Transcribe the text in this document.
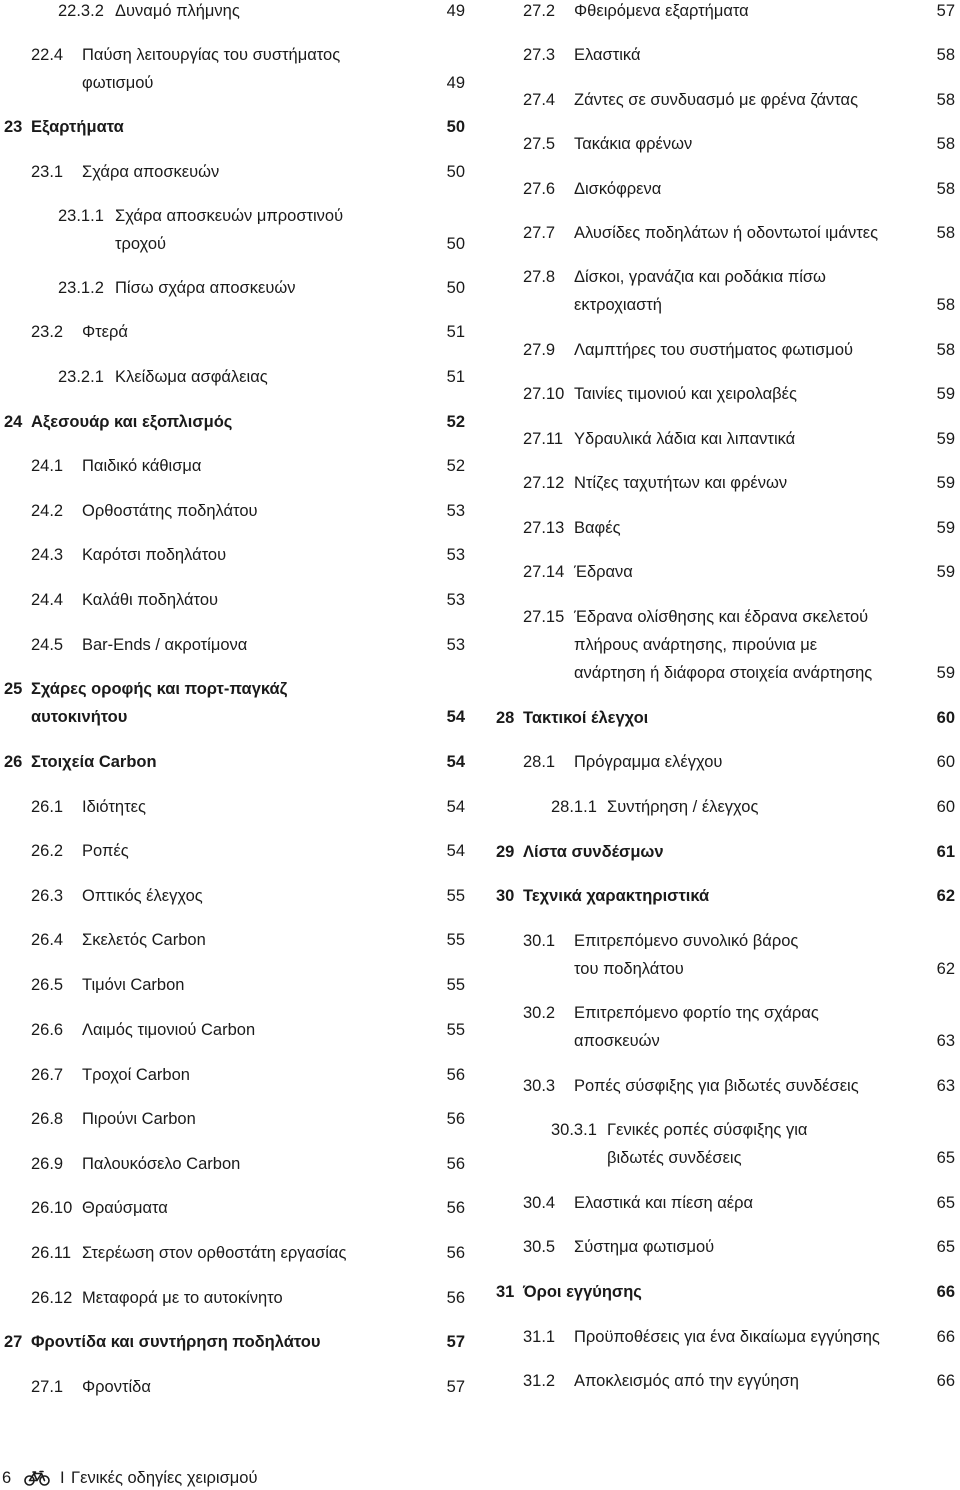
22.3.2 Δυναμό πλήμνης	49
22.4 Παύση λειτουργίας του συστήματος
φωτισμού	49
23 Εξαρτήματα	50
23.1 Σχάρα αποσκευών	50
23.1.1 Σχάρα αποσκευών μπροστινού
τροχού	50
23.1.2 Πίσω σχάρα αποσκευών	50
23.2 Φτερά	51
23.2.1 Κλείδωμα ασφάλειας	51
24 Αξεσουάρ και εξοπλισμός	52
24.1 Παιδικό κάθισμα	52
24.2 Ορθοστάτης ποδηλάτου	53
24.3 Καρότσι ποδηλάτου	53
24.4 Καλάθι ποδηλάτου	53
24.5 Bar-Ends / ακροτίμονα	53
25 Σχάρες οροφής και πορτ-παγκάζ
αυτοκινήτου	54
26 Στοιχεία Carbon	54
26.1 Ιδιότητες	54
26.2 Ροπές	54
26.3 Οπτικός έλεγχος	55
26.4 Σκελετός Carbon	55
26.5 Τιμόνι Carbon	55
26.6 Λαιμός τιμονιού Carbon	55
26.7 Τροχοί Carbon	56
26.8 Πιρούνι Carbon	56
26.9 Παλουκόσελο Carbon	56
26.10 Θραύσματα	56
26.11 Στερέωση στον ορθοστάτη εργασίας	56
26.12 Μεταφορά με το αυτοκίνητο	56
27 Φροντίδα και συντήρηση ποδηλάτου	57
27.1 Φροντίδα	57
27.2 Φθειρόμενα εξαρτήματα	57
27.3 Ελαστικά	58
27.4 Ζάντες σε συνδυασμό με φρένα ζάντας	58
27.5 Τακάκια φρένων	58
27.6 Δισκόφρενα	58
27.7 Αλυσίδες ποδηλάτων ή οδοντωτοί ιμάντες	58
27.8 Δίσκοι, γρανάζια και ροδάκια πίσω
εκτροχιαστή	58
27.9 Λαμπτήρες του συστήματος φωτισμού	58
27.10 Ταινίες τιμονιού και χειρολαβές	59
27.11 Υδραυλικά λάδια και λιπαντικά	59
27.12 Ντίζες ταχυτήτων και φρένων	59
27.13 Βαφές	59
27.14 Έδρανα	59
27.15 Έδρανα ολίσθησης και έδρανα σκελετού
πλήρους ανάρτησης, πιρούνια με
ανάρτηση ή διάφορα στοιχεία ανάρτησης	59
28 Τακτικοί έλεγχοι	60
28.1 Πρόγραμμα ελέγχου	60
28.1.1 Συντήρηση / έλεγχος	60
29 Λίστα συνδέσμων	61
30 Τεχνικά χαρακτηριστικά	62
30.1 Επιτρεπόμενο συνολικό βάρος
του ποδηλάτου	62
30.2 Επιτρεπόμενο φορτίο της σχάρας
αποσκευών	63
30.3 Ροπές σύσφιξης για βιδωτές συνδέσεις	63
30.3.1 Γενικές ροπές σύσφιξης για
βιδωτές συνδέσεις	65
30.4 Ελαστικά και πίεση αέρα	65
30.5 Σύστημα φωτισμού	65
31 Όροι εγγύησης	66
31.1 Προϋποθέσεις για ένα δικαίωμα εγγύησης	66
31.2 Αποκλεισμός από την εγγύηση	66
6	I Γενικές οδηγίες χειρισμού
